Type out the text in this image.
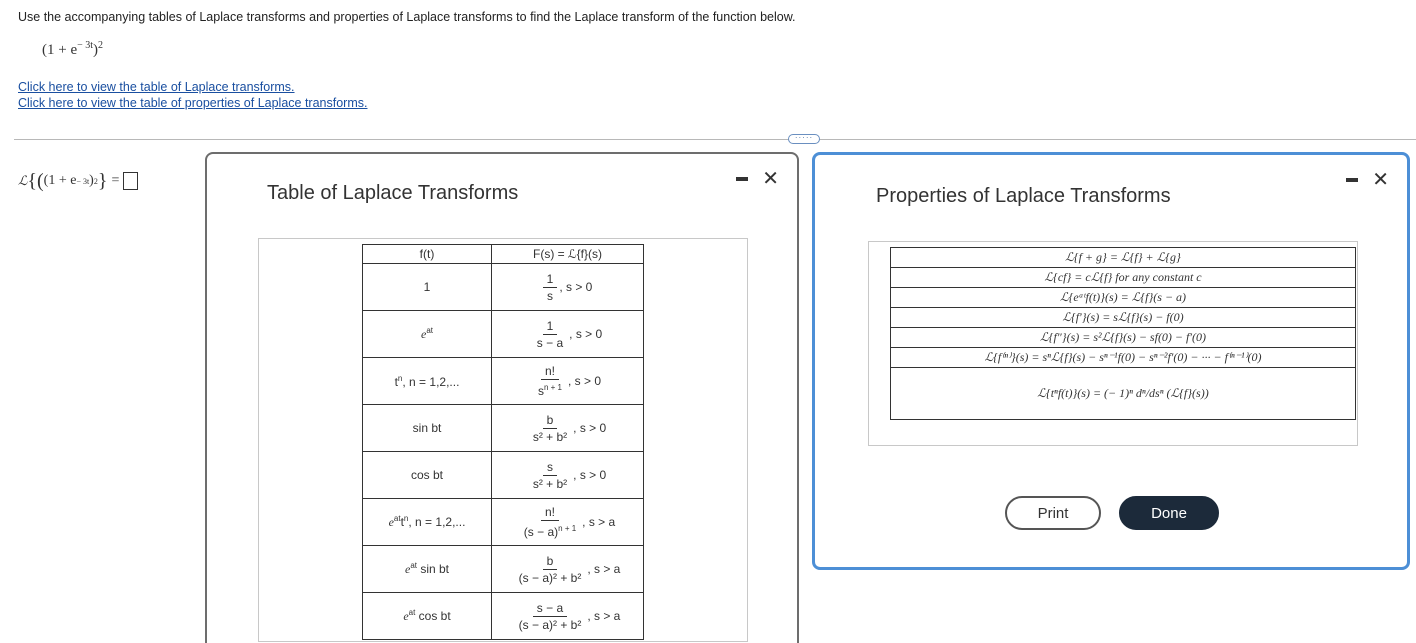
Use the accompanying tables of Laplace transforms and properties of Laplace transforms to find the Laplace transform of the function below.
$(1 + e^{- 3t})^2$
Click here to view the table of Laplace transforms.
Click here to view the table of properties of Laplace transforms.
·····
ℒ { ( (1 + e − 3t ) 2 } =
Table of Laplace Transforms
✕
f(t)	F(s) = ℒ{f}(s)
1	$\frac{1}{s}$ , s > 0
$e^{at}$	$\frac{1}{s - a}$ , s > 0
$t^n$, n = 1,2,...	$\frac{n!}{s^{n + 1}}$ , s > 0
sin bt	$\frac{b}{\text{s² + b²}}$ , s > 0
cos bt	$\frac{s}{\text{s² + b²}}$ , s > 0
$e^{at}t^n$, n = 1,2,...	$\frac{n!}{(s - a)^{n + 1}}$ , s > a
$e^{at}$ sin bt	$\frac{b}{\text{(s − a)² + b²}}$ , s > a
$e^{at}$ cos bt	$\frac{s - a}{\text{(s − a)² + b²}}$ , s > a
Properties of Laplace Transforms
✕
ℒ{f + g} = ℒ{f} + ℒ{g}
ℒ{cf} = cℒ{f} for any constant c
ℒ{eᵃᵗf(t)}(s) = ℒ{f}(s − a)
ℒ{f′}(s) = sℒ{f}(s) − f(0)
ℒ{f″}(s) = s²ℒ{f}(s) − sf(0) − f′(0)
ℒ{f⁽ⁿ⁾}(s) = sⁿℒ{f}(s) − sⁿ⁻¹f(0) − sⁿ⁻²f′(0) − ··· − f⁽ⁿ⁻¹⁾(0)
ℒ{tⁿf(t)}(s) = (− 1)ⁿ dⁿ/dsⁿ (ℒ{f}(s))
Print	Done
